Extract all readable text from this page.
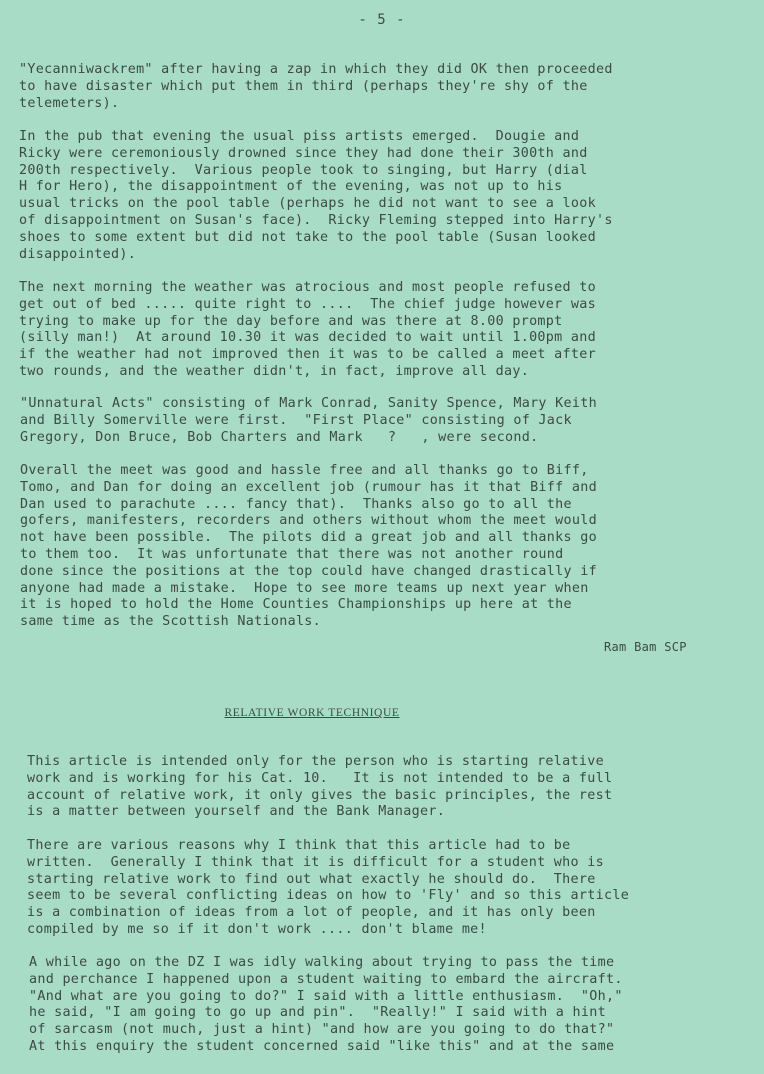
- 5 -

"Yecanniwackrem" after having a zap in which they did OK then proceeded
to have disaster which put them in third (perhaps they're shy of the
telemeters).

In the pub that evening the usual piss artists emerged.  Dougie and
Ricky were ceremoniously drowned since they had done their 300th and
200th respectively.  Various people took to singing, but Harry (dial
H for Hero), the disappointment of the evening, was not up to his
usual tricks on the pool table (perhaps he did not want to see a look
of disappointment on Susan's face).  Ricky Fleming stepped into Harry's
shoes to some extent but did not take to the pool table (Susan looked
disappointed).

The next morning the weather was atrocious and most people refused to
get out of bed ..... quite right to ....  The chief judge however was
trying to make up for the day before and was there at 8.00 prompt
(silly man!)  At around 10.30 it was decided to wait until 1.00pm and
if the weather had not improved then it was to be called a meet after
two rounds, and the weather didn't, in fact, improve all day.

"Unnatural Acts" consisting of Mark Conrad, Sanity Spence, Mary Keith
and Billy Somerville were first.  "First Place" consisting of Jack
Gregory, Don Bruce, Bob Charters and Mark   ?   , were second.

Overall the meet was good and hassle free and all thanks go to Biff,
Tomo, and Dan for doing an excellent job (rumour has it that Biff and
Dan used to parachute .... fancy that).  Thanks also go to all the
gofers, manifesters, recorders and others without whom the meet would
not have been possible.  The pilots did a great job and all thanks go
to them too.  It was unfortunate that there was not another round
done since the positions at the top could have changed drastically if
anyone had made a mistake.  Hope to see more teams up next year when
it is hoped to hold the Home Counties Championships up here at the
same time as the Scottish Nationals.

Ram Bam SCP
RELATIVE WORK TECHNIQUE

This article is intended only for the person who is starting relative
work and is working for his Cat. 10.   It is not intended to be a full
account of relative work, it only gives the basic principles, the rest
is a matter between yourself and the Bank Manager.

There are various reasons why I think that this article had to be
written.  Generally I think that it is difficult for a student who is
starting relative work to find out what exactly he should do.  There
seem to be several conflicting ideas on how to 'Fly' and so this article
is a combination of ideas from a lot of people, and it has only been
compiled by me so if it don't work .... don't blame me!

A while ago on the DZ I was idly walking about trying to pass the time
and perchance I happened upon a student waiting to embard the aircraft.
"And what are you going to do?" I said with a little enthusiasm.  "Oh,"
he said, "I am going to go up and pin".  "Really!" I said with a hint
of sarcasm (not much, just a hint) "and how are you going to do that?"
At this enquiry the student concerned said "like this" and at the same
